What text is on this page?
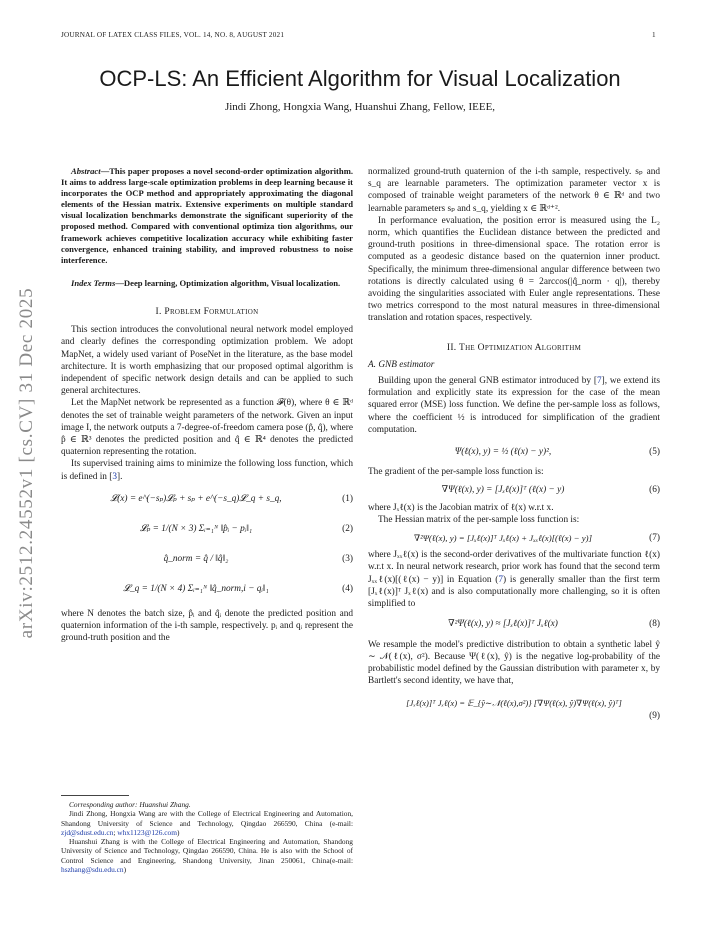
JOURNAL OF LATEX CLASS FILES, VOL. 14, NO. 8, AUGUST 2021	1
arXiv:2512.24552v1 [cs.CV] 31 Dec 2025
OCP-LS: An Efficient Algorithm for Visual Localization
Jindi Zhong, Hongxia Wang, Huanshui Zhang, Fellow, IEEE,

Abstract—This paper proposes a novel second-order optimization algorithm. It aims to address large-scale optimization problems in deep learning because it incorporates the OCP method and appropriately approximating the diagonal elements of the Hessian matrix. Extensive experiments on multiple standard visual localization benchmarks demonstrate the significant superiority of the proposed method. Compared with conventional optimiza tion algorithms, our framework achieves competitive localization accuracy while exhibiting faster convergence, enhanced training stability, and improved robustness to noise interference.

Index Terms—Deep learning, Optimization algorithm, Visual localization.

I. Problem Formulation

This section introduces the convolutional neural network model employed and clearly defines the corresponding optimization problem. We adopt MapNet, a widely used variant of PoseNet in the literature, as the base model architecture. It is worth emphasizing that our proposed optimal algorithm is independent of specific network design details and can be applied to such general architectures.

Let the MapNet network be represented as a function 𝓕(θ), where θ ∈ ℝᵈ denotes the set of trainable weight parameters of the network. Given an input image I, the network outputs a 7-degree-of-freedom camera pose (p̂, q̂), where p̂ ∈ ℝ³ denotes the predicted position and q̂ ∈ ℝ⁴ denotes the predicted quaternion representing the rotation.

Its supervised training aims to minimize the following loss function, which is defined in [3].

𝓛(x) = e^(−sₚ)𝓛ₚ + sₚ + e^(−s_q)𝓛_q + s_q,	(1)
𝓛ₚ = 1/(N × 3) Σᵢ₌₁ᴺ ‖p̂ᵢ − pᵢ‖₁	(2)
q̂_norm = q̂ / ‖q̂‖₂	(3)
𝓛_q = 1/(N × 4) Σᵢ₌₁ᴺ ‖q̂_norm,i − qᵢ‖₁	(4)

where N denotes the batch size, p̂ᵢ and q̂ᵢ denote the predicted position and quaternion information of the i-th sample, respectively. pᵢ and qᵢ represent the ground-truth position and the

Corresponding author: Huanshui Zhang.

Jindi Zhong, Hongxia Wang are with the College of Electrical Engineering and Automation, Shandong University of Science and Technology, Qingdao 266590, China (e-mail: zjd@sdust.edu.cn; whx1123@126.com)

Huanshui Zhang is with the College of Electrical Engineering and Automation, Shandong University of Science and Technology, Qingdao 266590, China. He is also with the School of Control Science and Engineering, Shandong University, Jinan 250061, China(e-mail: hszhang@sdu.edu.cn)

normalized ground-truth quaternion of the i-th sample, respectively. sₚ and s_q are learnable parameters. The optimization parameter vector x is composed of trainable weight parameters of the network θ ∈ ℝᵈ and two learnable parameters sₚ and s_q, yielding x ∈ ℝᵈ⁺².

In performance evaluation, the position error is measured using the L₂ norm, which quantifies the Euclidean distance between the predicted and ground-truth positions in three-dimensional space. The rotation error is computed as a geodesic distance based on the quaternion inner product. Specifically, the minimum three-dimensional angular difference between two rotations is directly calculated using θ = 2arccos(|q̂_norm · q|), thereby avoiding the singularities associated with Euler angle representations. These two metrics correspond to the most natural measures in three-dimensional translation and rotation spaces, respectively.

II. The Optimization Algorithm
A. GNB estimator

Building upon the general GNB estimator introduced by [7], we extend its formulation and explicitly state its expression for the case of the mean squared error (MSE) loss function. We define the per-sample loss as follows, where the coefficient ½ is introduced for simplification of the gradient computation.

Ψ(ℓ(x), y) = ½ (ℓ(x) − y)²,	(5)

The gradient of the per-sample loss function is:

∇Ψ(ℓ(x), y) = [Jₓℓ(x)]ᵀ (ℓ(x) − y)	(6)

where Jₓℓ(x) is the Jacobian matrix of ℓ(x) w.r.t x.

The Hessian matrix of the per-sample loss function is:

∇²Ψ(ℓ(x), y) = [Jₓℓ(x)]ᵀ Jₓℓ(x) + Jₓₓℓ(x)[(ℓ(x) − y)]	(7)

where Jₓₓℓ(x) is the second-order derivatives of the multivariate function ℓ(x) w.r.t x. In neural network research, prior work has found that the second term Jₓₓℓ(x)[(ℓ(x) − y)] in Equation (7) is generally smaller than the first term [Jₓℓ(x)]ᵀ Jₓℓ(x) and is also computationally more challenging, so it is often simplified to

∇²Ψ(ℓ(x), y) ≈ [Jₓℓ(x)]ᵀ Jₓℓ(x)	(8)

We resample the model's predictive distribution to obtain a synthetic label ŷ ∼ 𝒩(ℓ(x), σ²). Because Ψ(ℓ(x), ŷ) is the negative log-probability of the probabilistic model defined by the Gaussian distribution with parameter x, by Bartlett's second identity, we have that,

[Jₓℓ(x)]ᵀ Jₓℓ(x) = 𝔼_{ŷ∼𝒩(ℓ(x),σ²)} [∇Ψ(ℓ(x), ŷ)∇Ψ(ℓ(x), ŷ)ᵀ]
(9)
